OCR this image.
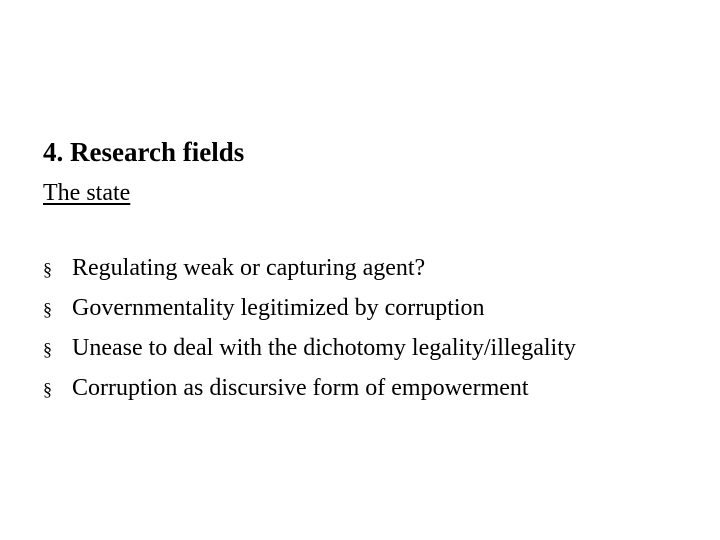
4. Research fields
The state
§ Regulating weak or capturing agent?
§ Governmentality legitimized by corruption
§ Unease to deal with the dichotomy legality/illegality
§ Corruption as discursive form of empowerment
